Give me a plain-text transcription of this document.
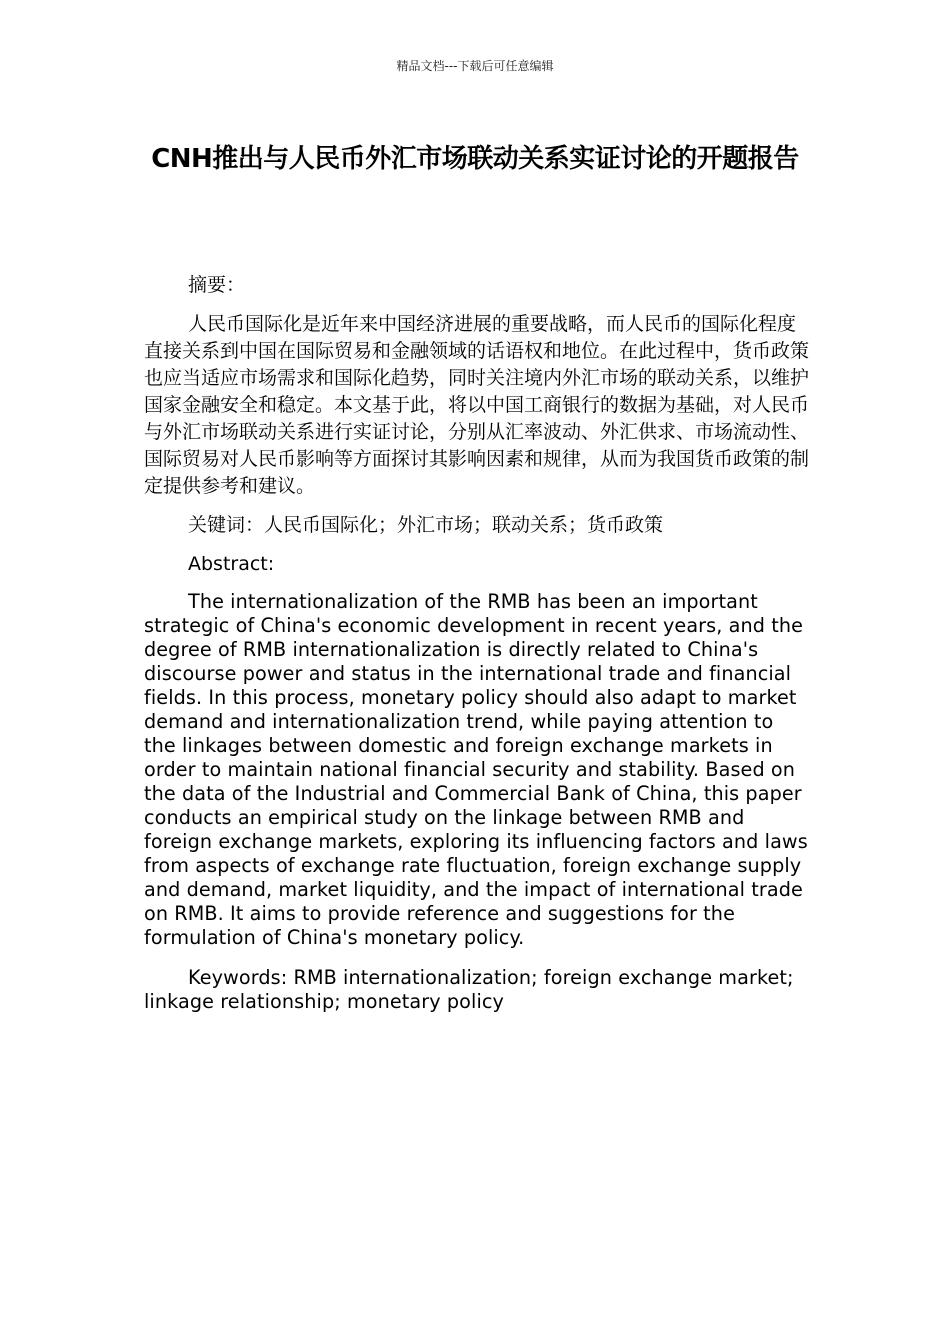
精品文档---下载后可任意编辑
CNH推出与人民币外汇市场联动关系实证讨论的开题报告

摘要：

人民币国际化是近年来中国经济进展的重要战略，而人民币的国际化程度直接关系到中国在国际贸易和金融领域的话语权和地位。在此过程中，货币政策也应当适应市场需求和国际化趋势，同时关注境内外汇市场的联动关系，以维护国家金融安全和稳定。本文基于此，将以中国工商银行的数据为基础，对人民币与外汇市场联动关系进行实证讨论，分别从汇率波动、外汇供求、市场流动性、国际贸易对人民币影响等方面探讨其影响因素和规律，从而为我国货币政策的制定提供参考和建议。

关键词：人民币国际化；外汇市场；联动关系；货币政策

Abstract:

The internationalization of the RMB has been an important strategic of China's economic development in recent years, and the degree of RMB internationalization is directly related to China's discourse power and status in the international trade and financial fields. In this process, monetary policy should also adapt to market demand and internationalization trend, while paying attention to the linkages between domestic and foreign exchange markets in order to maintain national financial security and stability. Based on the data of the Industrial and Commercial Bank of China, this paper conducts an empirical study on the linkage between RMB and foreign exchange markets, exploring its influencing factors and laws from aspects of exchange rate fluctuation, foreign exchange supply and demand, market liquidity, and the impact of international trade on RMB. It aims to provide reference and suggestions for the formulation of China's monetary policy.

Keywords: RMB internationalization; foreign exchange market; linkage relationship; monetary policy
